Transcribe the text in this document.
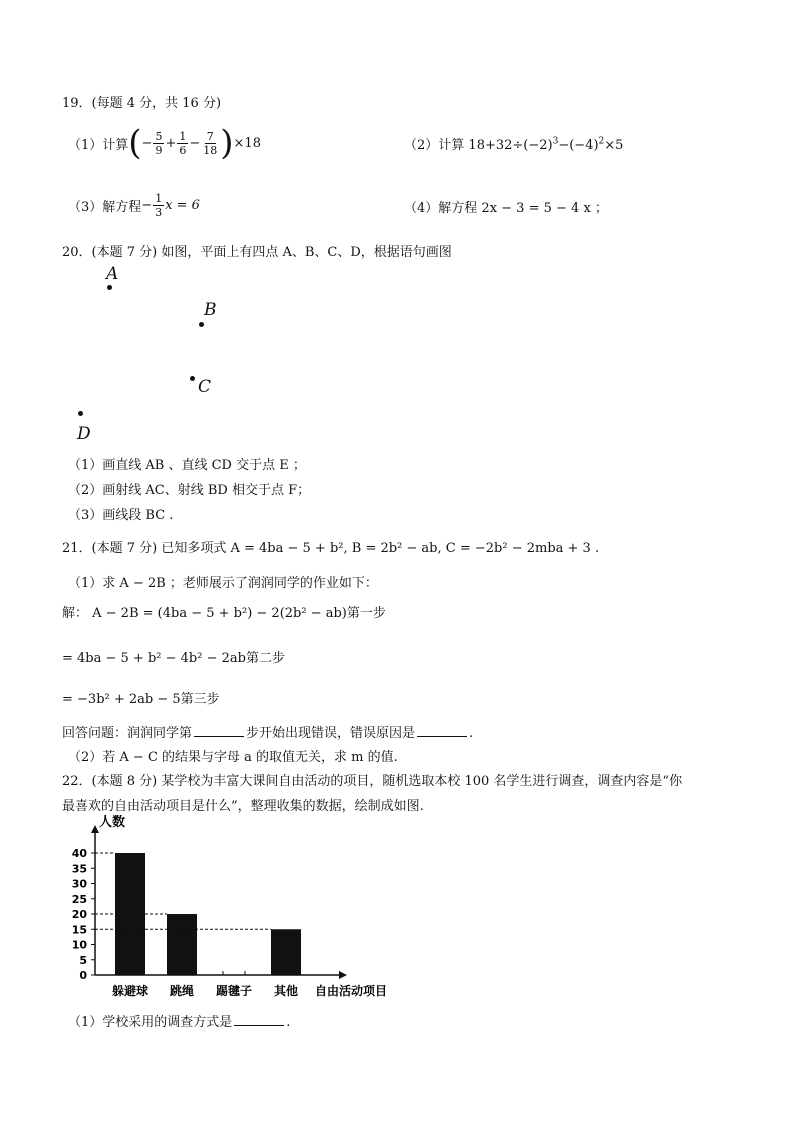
19．(每题 4 分，共 16 分)
（1）计算 ( − $\frac{5}{9} + \frac{1}{6} - \frac{7}{18}$ ) ×18	（2）计算 $18+32\div(-2)^3-(-4)^2\times 5$
（3）解方程 − $\frac{1}{3}$ x = 6	（4）解方程 2x − 3 = 5 − 4 x ；
20．(本题 7 分) 如图，平面上有四点 A、B、C、D，根据语句画图
A
B
C
D
（1）画直线 AB 、直线 CD 交于点 E ；
（2）画射线 AC、射线 BD 相交于点 F；
（3）画线段 BC .
21．(本题 7 分) 已知多项式 A = 4ba − 5 + b², B = 2b² − ab, C = −2b² − 2mba + 3 .
（1）求 A − 2B ；老师展示了润润同学的作业如下：
解： A − 2B = (4ba − 5 + b²) − 2(2b² − ab)第一步
= 4ba − 5 + b² − 4b² − 2ab第二步
= −3b² + 2ab − 5第三步
回答问题：润润同学第	步开始出现错误，错误原因是	.
（2）若 A − C 的结果与字母 a 的取值无关，求 m 的值.
22．(本题 8 分) 某学校为丰富大课间自由活动的项目，随机选取本校 100 名学生进行调查，调查内容是“你
最喜欢的自由活动项目是什么”，整理收集的数据，绘制成如图.
人数
自由活动项目
0
5
10
15
20
25
30
35
40
躲避球 跳绳 踢毽子 其他
（1）学校采用的调查方式是	.
